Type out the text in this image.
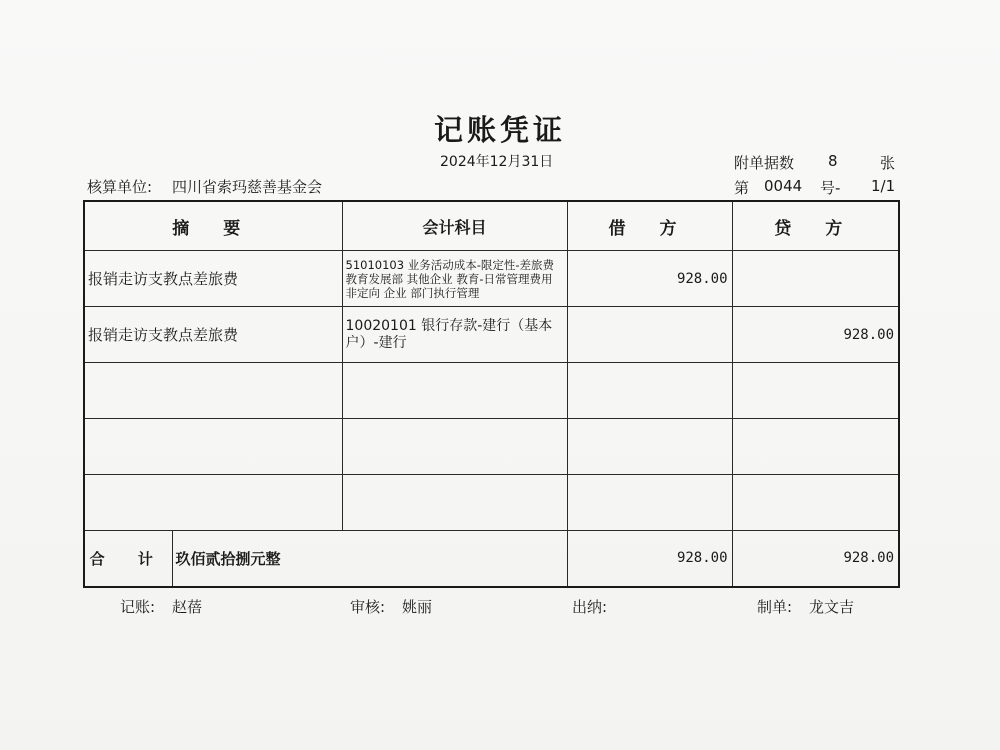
记账凭证
2024年12月31日	附单据数 8	张
核算单位: 四川省索玛慈善基金会	第 0044 号- 1/1
摘 要		会计科目	借 方	贷 方
报销走访支教点差旅费		51010103 业务活动成本-限定性-差旅费 教育发展部 其他企业 教育-日常管理费用 非定向 企业 部门执行管理	928.00	
报销走访支教点差旅费		10020101 银行存款-建行（基本户）-建行		928.00

合 计	玖佰贰拾捌元整		928.00	928.00
记账: 赵蓓	审核: 姚丽	出纳:	制单: 龙文吉
